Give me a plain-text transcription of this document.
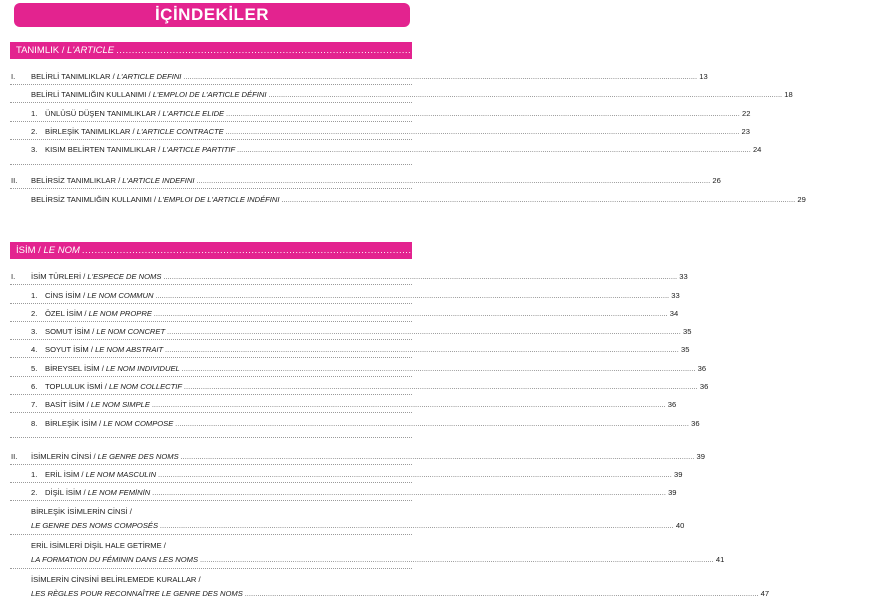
İÇİNDEKİLER
TANIMLIK / L'ARTICLE .................................................................................................................................................................................................................................................... 13
I. BELİRLİ TANIMLIKLAR / L'ARTICLE DEFINI .................................................................................................................................................................................................................................................... 13
BELİRLİ TANIMLIĞIN KULLANIMI / L'EMPLOI DE L'ARTICLE DÉFINI .................................................................................................................................................................................................................................................... 18
1. ÜNLÜSÜ DÜŞEN TANIMLIKLAR / L'ARTICLE ELIDE .................................................................................................................................................................................................................................................... 22
2. BİRLEŞİK TANIMLIKLAR / L'ARTICLE CONTRACTE .................................................................................................................................................................................................................................................... 23
3. KISIM BELİRTEN TANIMLIKLAR / L'ARTICLE PARTITIF .................................................................................................................................................................................................................................................... 24
II. BELİRSİZ TANIMLIKLAR / L'ARTICLE INDEFINI .................................................................................................................................................................................................................................................... 26
BELİRSİZ TANIMLIĞIN KULLANIMI / L'EMPLOI DE L'ARTICLE INDÉFINI .................................................................................................................................................................................................................................................... 29
İSİM / LE NOM .................................................................................................................................................................................................................................................... 33
I. İSİM TÜRLERİ / L'ESPECE DE NOMS .................................................................................................................................................................................................................................................... 33
1. CİNS İSİM / LE NOM COMMUN .................................................................................................................................................................................................................................................... 33
2. ÖZEL İSİM / LE NOM PROPRE .................................................................................................................................................................................................................................................... 34
3. SOMUT İSİM / LE NOM CONCRET .................................................................................................................................................................................................................................................... 35
4. SOYUT İSİM / LE NOM ABSTRAIT .................................................................................................................................................................................................................................................... 35
5. BİREYSEL İSİM / LE NOM INDIVIDUEL .................................................................................................................................................................................................................................................... 36
6. TOPLULUK İSMİ / LE NOM COLLECTIF .................................................................................................................................................................................................................................................... 36
7. BASİT İSİM / LE NOM SIMPLE .................................................................................................................................................................................................................................................... 36
8. BİRLEŞİK İSİM / LE NOM COMPOSE .................................................................................................................................................................................................................................................... 36
II. İSİMLERİN CİNSİ / LE GENRE DES NOMS .................................................................................................................................................................................................................................................... 39
1. ERİL İSİM / LE NOM MASCULIN .................................................................................................................................................................................................................................................... 39
2. DİŞİL İSİM / LE NOM FEMİNİN .................................................................................................................................................................................................................................................... 39
BİRLEŞİK İSİMLERİN CİNSİ /
LE GENRE DES NOMS COMPOSÉS .................................................................................................................................................................................................................................................... 40
ERİL İSİMLERİ DİŞİL HALE GETİRME /
LA FORMATION DU FÉMININ DANS LES NOMS .................................................................................................................................................................................................................................................... 41
İSİMLERİN CİNSİNİ BELİRLEMEDE KURALLAR /
LES RÈGLES POUR RECONNAÎTRE LE GENRE DES NOMS .................................................................................................................................................................................................................................................... 47
